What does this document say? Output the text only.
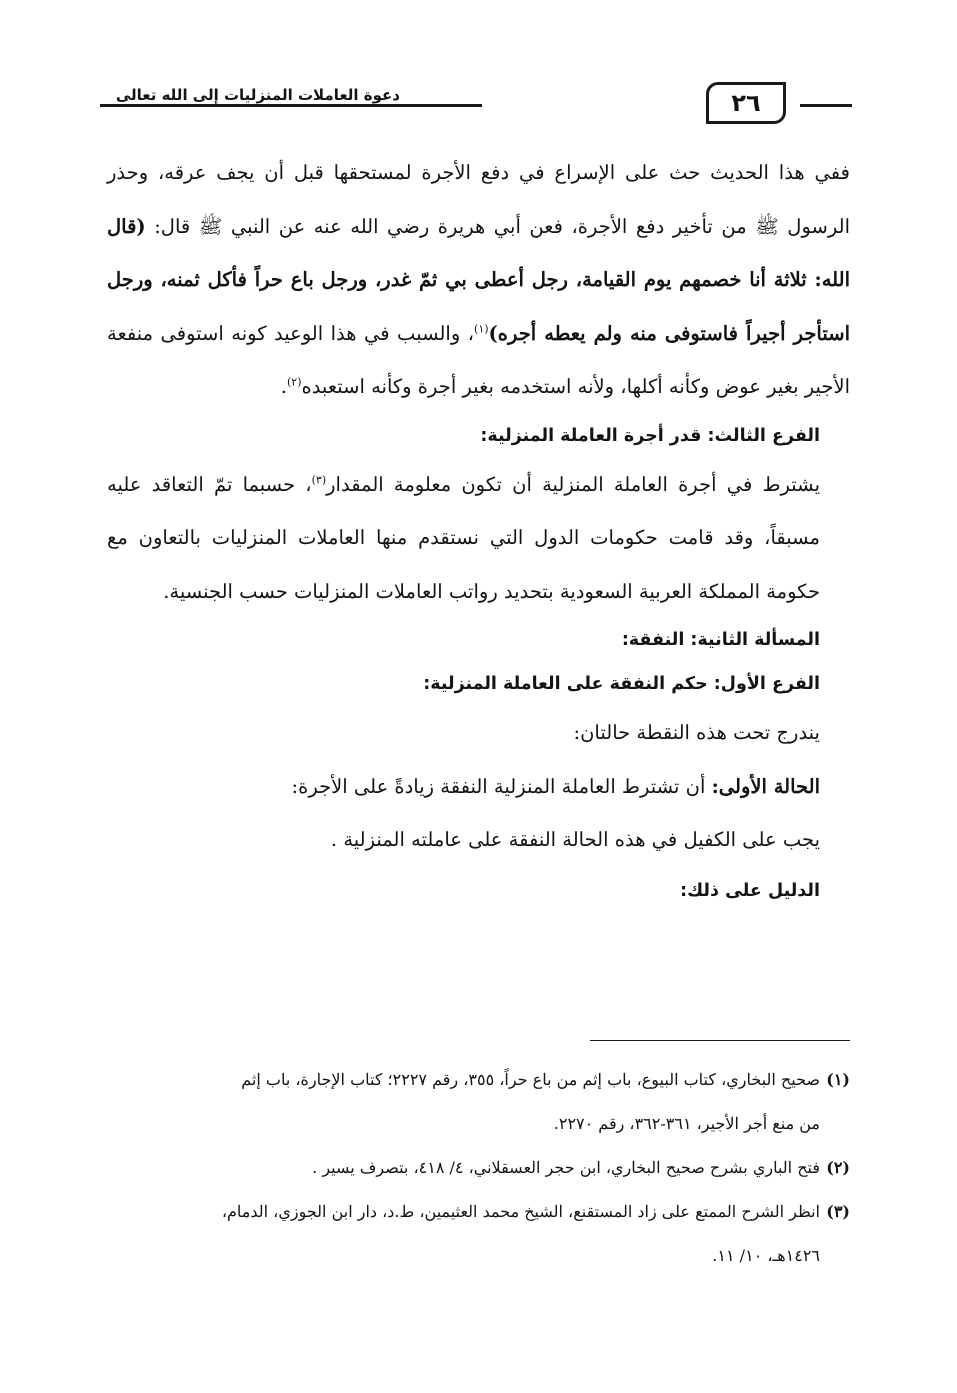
٢٦
دعوة العاملات المنزليات إلى الله تعالى

ففي هذا الحديث حث على الإسراع في دفع الأجرة لمستحقها قبل أن يجف عرقه، وحذر الرسول ﷺ من تأخير دفع الأجرة، فعن أبي هريرة رضي الله عنه عن النبي ﷺ قال: (قال الله: ثلاثة أنا خصمهم يوم القيامة، رجل أعطى بي ثمّ غدر، ورجل باع حراً فأكل ثمنه، ورجل استأجر أجيراً فاستوفى منه ولم يعطه أجره)$^{(١)}$، والسبب في هذا الوعيد كونه استوفى منفعة الأجير بغير عوض وكأنه أكلها، ولأنه استخدمه بغير أجرة وكأنه استعبده$^{(٢)}$.

الفرع الثالث: قدر أجرة العاملة المنزلية:

يشترط في أجرة العاملة المنزلية أن تكون معلومة المقدار$^{(٣)}$، حسبما تمّ التعاقد عليه مسبقاً، وقد قامت حكومات الدول التي نستقدم منها العاملات المنزليات بالتعاون مع حكومة المملكة العربية السعودية بتحديد رواتب العاملات المنزليات حسب الجنسية.

المسألة الثانية: النفقة:

الفرع الأول: حكم النفقة على العاملة المنزلية:

يندرج تحت هذه النقطة حالتان:

الحالة الأولى: أن تشترط العاملة المنزلية النفقة زيادةً على الأجرة:

يجب على الكفيل في هذه الحالة النفقة على عاملته المنزلية .

الدليل على ذلك:

(١)صحيح البخاري، كتاب البيوع، باب إثم من باع حراً، ٣٥٥، رقم ٢٢٢٧؛ كتاب الإجارة، باب إثم
من منع أجر الأجير، ٣٦١-٣٦٢، رقم ٢٢٧٠.

(٢)فتح الباري بشرح صحيح البخاري، ابن حجر العسقلاني، ٤/ ٤١٨، بتصرف يسير .

(٣)انظر الشرح الممتع على زاد المستقنع، الشيخ محمد العثيمين، ط.د، دار ابن الجوزي، الدمام،
١٤٢٦هـ، ١٠/ ١١.
